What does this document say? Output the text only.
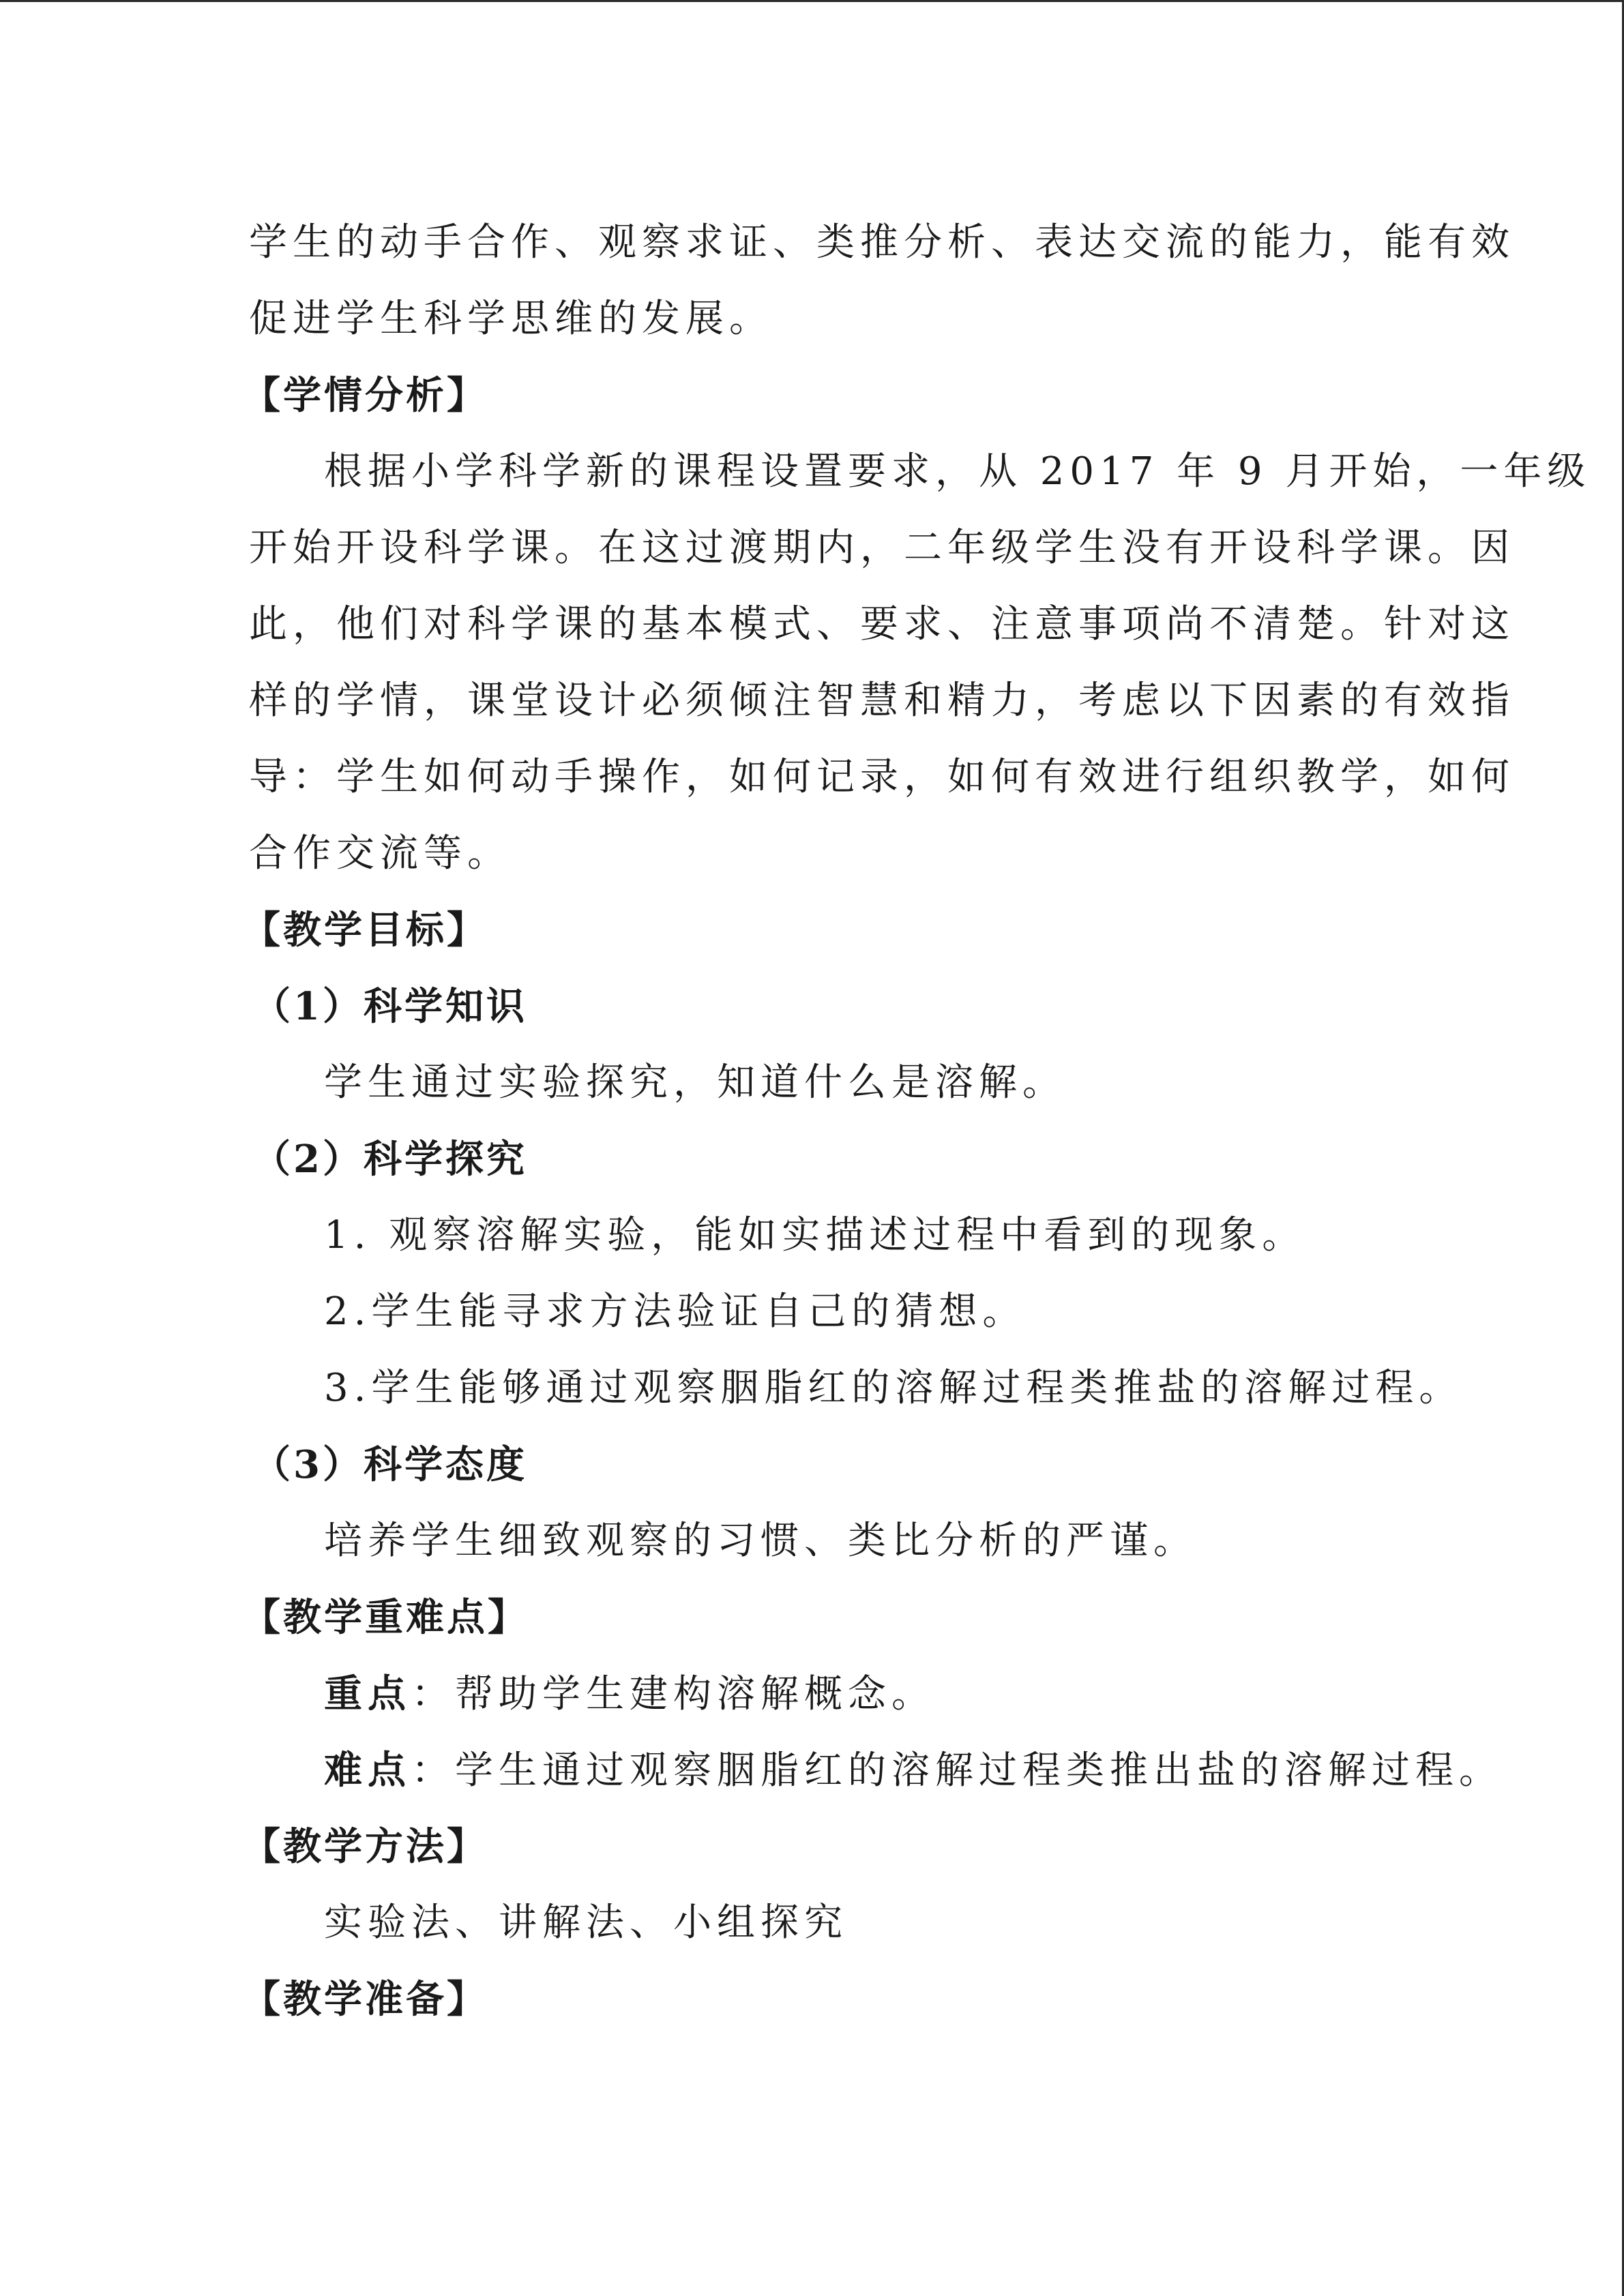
学生的动手合作、观察求证、类推分析、表达交流的能力，能有效
促进学生科学思维的发展。
【学情分析】
根据小学科学新的课程设置要求，从 2017 年 9 月开始，一年级
开始开设科学课。在这过渡期内，二年级学生没有开设科学课。因
此，他们对科学课的基本模式、要求、注意事项尚不清楚。针对这
样的学情，课堂设计必须倾注智慧和精力，考虑以下因素的有效指
导：学生如何动手操作，如何记录，如何有效进行组织教学，如何
合作交流等。
【教学目标】
（1）科学知识
学生通过实验探究，知道什么是溶解。
（2）科学探究
1. 观察溶解实验，能如实描述过程中看到的现象。
2.学生能寻求方法验证自己的猜想。
3.学生能够通过观察胭脂红的溶解过程类推盐的溶解过程。
（3）科学态度
培养学生细致观察的习惯、类比分析的严谨。
【教学重难点】
重点：帮助学生建构溶解概念。
难点：学生通过观察胭脂红的溶解过程类推出盐的溶解过程。
【教学方法】
实验法、讲解法、小组探究
【教学准备】
